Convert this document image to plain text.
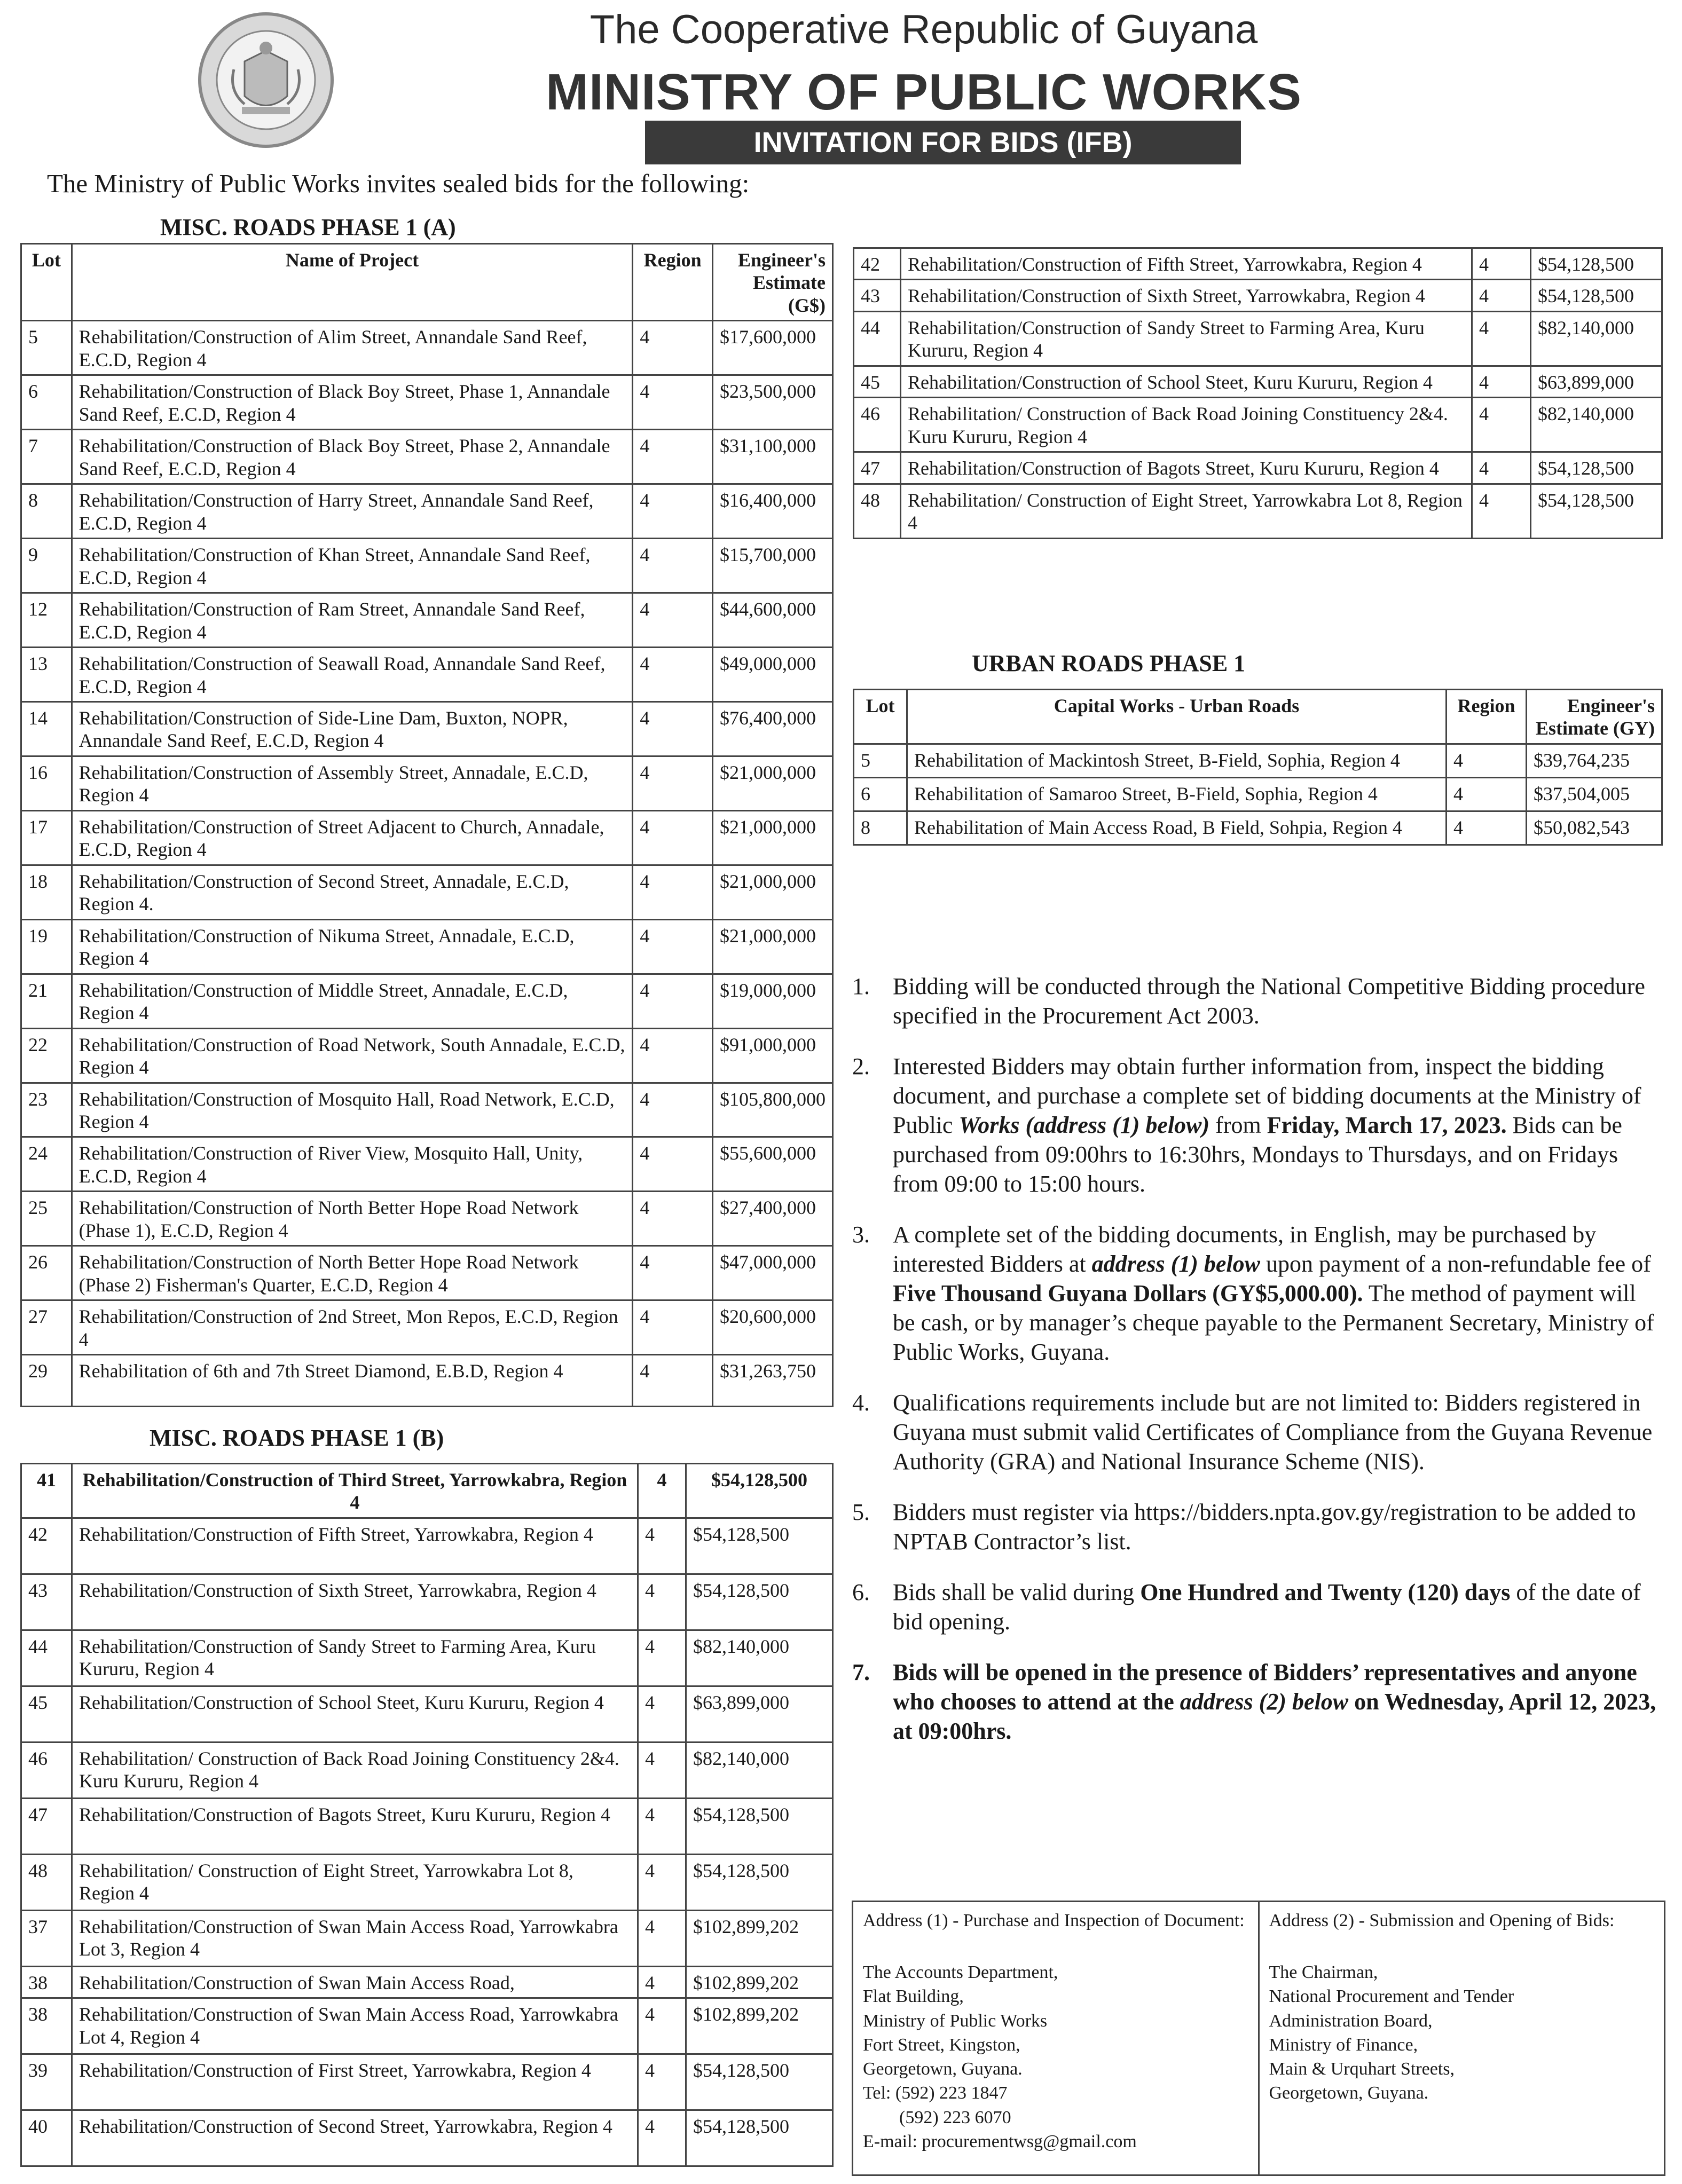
The Cooperative Republic of Guyana
MINISTRY OF PUBLIC WORKS
INVITATION FOR BIDS (IFB)
The Ministry of Public Works invites sealed bids for the following:
MISC. ROADS PHASE 1 (A)
URBAN ROADS PHASE 1
MISC. ROADS PHASE 1 (B)
Lot	Name of Project	Region	Engineer's Estimate (G$)
5	Rehabilitation/Construction of Alim Street, Annandale Sand Reef, E.C.D, Region 4	4	$17,600,000
6	Rehabilitation/Construction of Black Boy Street, Phase 1, Annandale Sand Reef, E.C.D, Region 4	4	$23,500,000
7	Rehabilitation/Construction of Black Boy Street, Phase 2, Annandale Sand Reef, E.C.D, Region 4	4	$31,100,000
8	Rehabilitation/Construction of Harry Street, Annandale Sand Reef, E.C.D, Region 4	4	$16,400,000
9	Rehabilitation/Construction of Khan Street, Annandale Sand Reef, E.C.D, Region 4	4	$15,700,000
12	Rehabilitation/Construction of Ram Street, Annandale Sand Reef, E.C.D, Region 4	4	$44,600,000
13	Rehabilitation/Construction of Seawall Road, Annandale Sand Reef, E.C.D, Region 4	4	$49,000,000
14	Rehabilitation/Construction of Side-Line Dam, Buxton, NOPR, Annandale Sand Reef, E.C.D, Region 4	4	$76,400,000
16	Rehabilitation/Construction of Assembly Street, Annadale, E.C.D, Region 4	4	$21,000,000
17	Rehabilitation/Construction of Street Adjacent to Church, Annadale, E.C.D, Region 4	4	$21,000,000
18	Rehabilitation/Construction of Second Street, Annadale, E.C.D, Region 4.	4	$21,000,000
19	Rehabilitation/Construction of Nikuma Street, Annadale, E.C.D, Region 4	4	$21,000,000
21	Rehabilitation/Construction of Middle Street, Annadale, E.C.D, Region 4	4	$19,000,000
22	Rehabilitation/Construction of Road Network, South Annadale, E.C.D, Region 4	4	$91,000,000
23	Rehabilitation/Construction of Mosquito Hall, Road Network, E.C.D, Region 4	4	$105,800,000
24	Rehabilitation/Construction of River View, Mosquito Hall, Unity, E.C.D, Region 4	4	$55,600,000
25	Rehabilitation/Construction of North Better Hope Road Network (Phase 1), E.C.D, Region 4	4	$27,400,000
26	Rehabilitation/Construction of North Better Hope Road Network (Phase 2) Fisherman's Quarter, E.C.D, Region 4	4	$47,000,000
27	Rehabilitation/Construction of 2nd Street, Mon Repos, E.C.D, Region 4	4	$20,600,000
29	Rehabilitation of 6th and 7th Street Diamond, E.B.D, Region 4	4	$31,263,750
42	Rehabilitation/Construction of Fifth Street, Yarrowkabra, Region 4	4	$54,128,500
43	Rehabilitation/Construction of Sixth Street, Yarrowkabra, Region 4	4	$54,128,500
44	Rehabilitation/Construction of Sandy Street to Farming Area, Kuru Kururu, Region 4	4	$82,140,000
45	Rehabilitation/Construction of School Steet, Kuru Kururu, Region 4	4	$63,899,000
46	Rehabilitation/ Construction of Back Road Joining Constituency 2&4. Kuru Kururu, Region 4	4	$82,140,000
47	Rehabilitation/Construction of Bagots Street, Kuru Kururu, Region 4	4	$54,128,500
48	Rehabilitation/ Construction of Eight Street, Yarrowkabra Lot 8, Region 4	4	$54,128,500
Lot	Capital Works - Urban Roads	Region	Engineer's Estimate (GY)
5	Rehabilitation of Mackintosh Street, B-Field, Sophia, Region 4	4	$39,764,235
6	Rehabilitation of Samaroo Street, B-Field, Sophia, Region 4	4	$37,504,005
8	Rehabilitation of Main Access Road, B Field, Sohpia, Region 4	4	$50,082,543
41	Rehabilitation/Construction of Third Street, Yarrowkabra, Region 4	4	$54,128,500
42	Rehabilitation/Construction of Fifth Street, Yarrowkabra, Region 4	4	$54,128,500
43	Rehabilitation/Construction of Sixth Street, Yarrowkabra, Region 4	4	$54,128,500
44	Rehabilitation/Construction of Sandy Street to Farming Area, Kuru Kururu, Region 4	4	$82,140,000
45	Rehabilitation/Construction of School Steet, Kuru Kururu, Region 4	4	$63,899,000
46	Rehabilitation/ Construction of Back Road Joining Constituency 2&4. Kuru Kururu, Region 4	4	$82,140,000
47	Rehabilitation/Construction of Bagots Street, Kuru Kururu, Region 4	4	$54,128,500
48	Rehabilitation/ Construction of Eight Street, Yarrowkabra Lot 8, Region 4	4	$54,128,500
37	Rehabilitation/Construction of Swan Main Access Road, Yarrowkabra Lot 3, Region 4	4	$102,899,202
38	Rehabilitation/Construction of Swan Main Access Road,	4	$102,899,202
38	Rehabilitation/Construction of Swan Main Access Road, Yarrowkabra Lot 4, Region 4	4	$102,899,202
39	Rehabilitation/Construction of First Street, Yarrowkabra, Region 4	4	$54,128,500
40	Rehabilitation/Construction of Second Street, Yarrowkabra, Region 4	4	$54,128,500
1. Bidding will be conducted through the National Competitive Bidding procedure specified in the Procurement Act 2003.
2. Interested Bidders may obtain further information from, inspect the bidding document, and purchase a complete set of bidding documents at the Ministry of Public Works (address (1) below) from Friday, March 17, 2023. Bids can be purchased from 09:00hrs to 16:30hrs, Mondays to Thursdays, and on Fridays from 09:00 to 15:00 hours.
3. A complete set of the bidding documents, in English, may be purchased by interested Bidders at address (1) below upon payment of a non-refundable fee of Five Thousand Guyana Dollars (GY$5,000.00). The method of payment will be cash, or by manager’s cheque payable to the Permanent Secretary, Ministry of Public Works, Guyana.
4. Qualifications requirements include but are not limited to: Bidders registered in Guyana must submit valid Certificates of Compliance from the Guyana Revenue Authority (GRA) and National Insurance Scheme (NIS).
5. Bidders must register via https://bidders.npta.gov.gy/registration to be added to NPTAB Contractor’s list.
6. Bids shall be valid during One Hundred and Twenty (120) days of the date of bid opening.
7. Bids will be opened in the presence of Bidders’ representatives and anyone who chooses to attend at the address (2) below on Wednesday, April 12, 2023, at 09:00hrs.
Address (1) - Purchase and Inspection of Document:
The Accounts Department,
Flat Building,
Ministry of Public Works
Fort Street, Kingston,
Georgetown, Guyana.
Tel: (592) 223 1847
(592) 223 6070
E-mail: procurementwsg@gmail.com
Address (2) - Submission and Opening of Bids:
The Chairman,
National Procurement and Tender
Administration Board,
Ministry of Finance,
Main & Urquhart Streets,
Georgetown, Guyana.
